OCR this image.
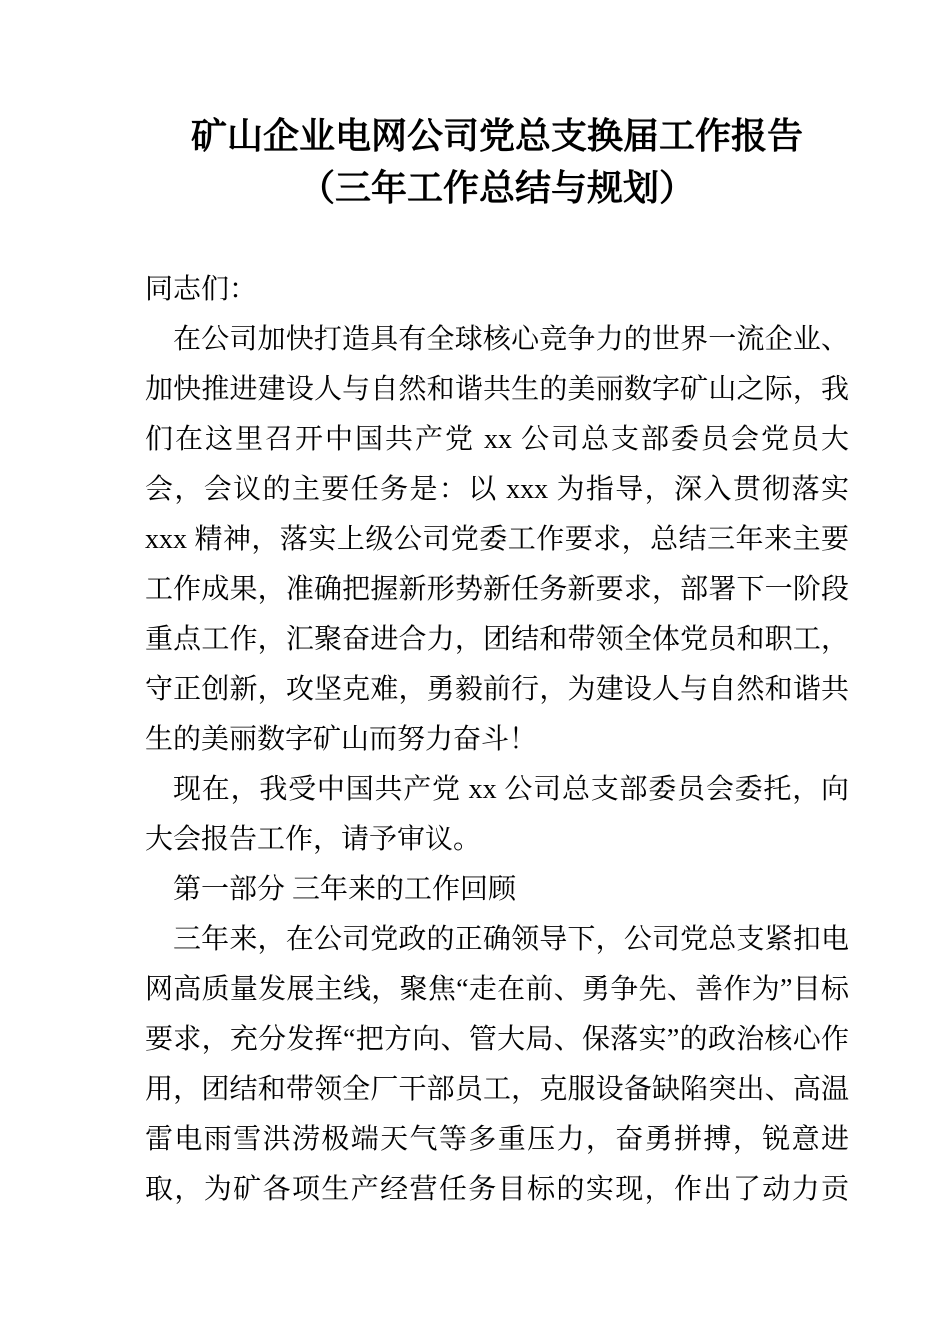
矿山企业电网公司党总支换届工作报告
（三年工作总结与规划）

同志们：

在公司加快打造具有全球核心竞争力的世界一流企业、加快推进建设人与自然和谐共生的美丽数字矿山之际，我们在这里召开中国共产党 xx 公司总支部委员会党员大会，会议的主要任务是：以 xxx 为指导，深入贯彻落实 xxx 精神，落实上级公司党委工作要求，总结三年来主要工作成果，准确把握新形势新任务新要求，部署下一阶段重点工作，汇聚奋进合力，团结和带领全体党员和职工，守正创新，攻坚克难，勇毅前行，为建设人与自然和谐共生的美丽数字矿山而努力奋斗！

现在，我受中国共产党 xx 公司总支部委员会委托，向大会报告工作，请予审议。

第一部分 三年来的工作回顾

三年来，在公司党政的正确领导下，公司党总支紧扣电网高质量发展主线，聚焦“走在前、勇争先、善作为”目标要求，充分发挥“把方向、管大局、保落实”的政治核心作用，团结和带领全厂干部员工，克服设备缺陷突出、高温雷电雨雪洪涝极端天气等多重压力，奋勇拼搏，锐意进取，为矿各项生产经营任务目标的实现，作出了动力贡
